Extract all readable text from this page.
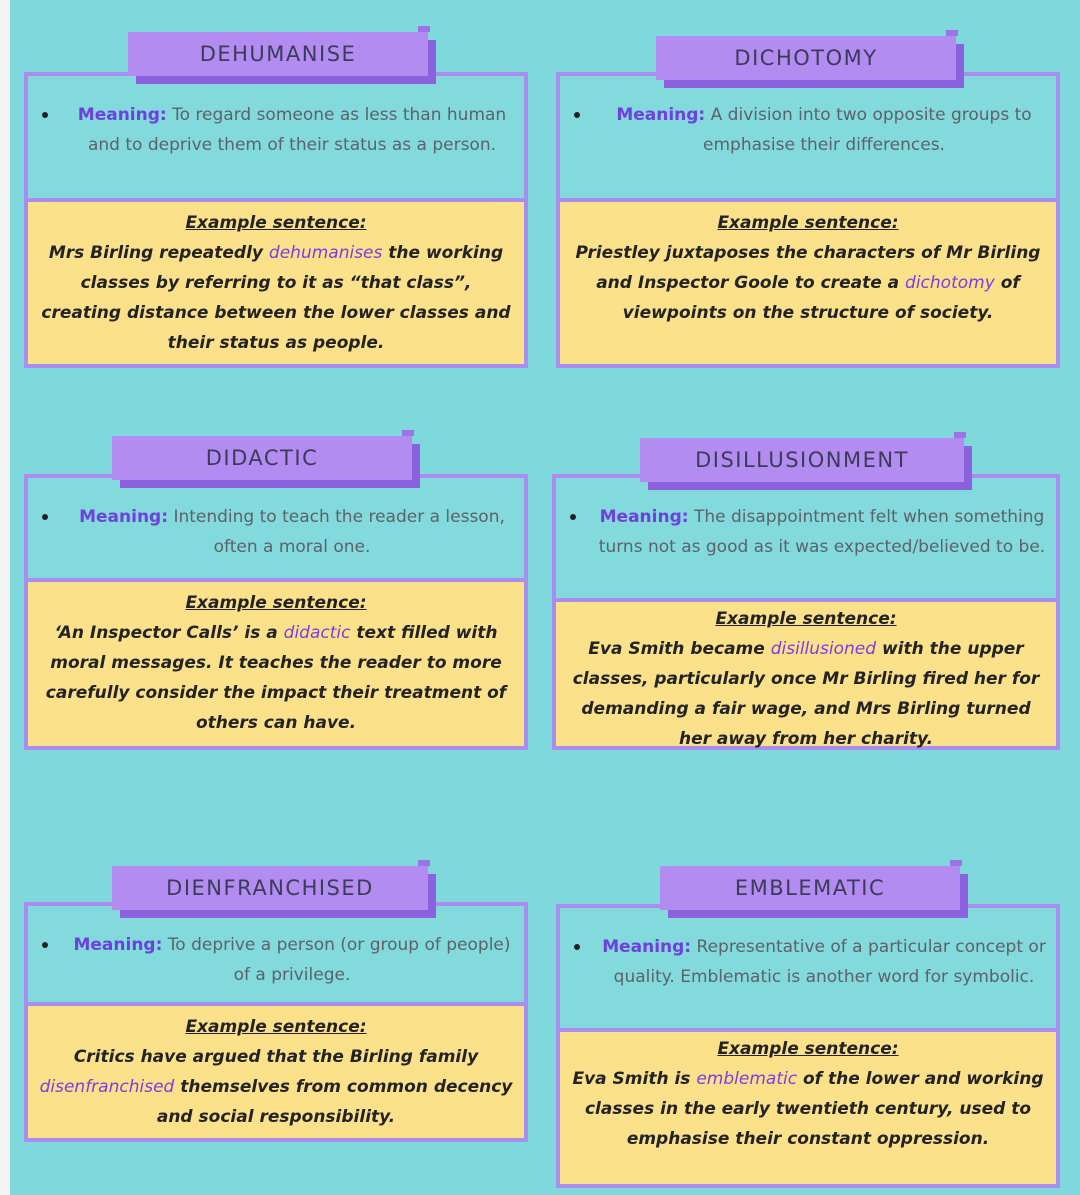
DEHUMANISE
Meaning: To regard someone as less than human and to deprive them of their status as a person.
Example sentence:
Mrs Birling repeatedly dehumanises the working classes by referring to it as “that class”, creating distance between the lower classes and their status as people.
DICHOTOMY
Meaning: A division into two opposite groups to emphasise their differences.
Example sentence:
Priestley juxtaposes the characters of Mr Birling and Inspector Goole to create a dichotomy of viewpoints on the structure of society.
DIDACTIC
Meaning: Intending to teach the reader a lesson, often a moral one.
Example sentence:
‘An Inspector Calls’ is a didactic text filled with moral messages. It teaches the reader to more carefully consider the impact their treatment of others can have.
DISILLUSIONMENT
Meaning: The disappointment felt when something turns not as good as it was expected/believed to be.
Example sentence:
Eva Smith became disillusioned with the upper classes, particularly once Mr Birling fired her for demanding a fair wage, and Mrs Birling turned her away from her charity.
DIENFRANCHISED
Meaning: To deprive a person (or group of people) of a privilege.
Example sentence:
Critics have argued that the Birling family disenfranchised themselves from common decency and social responsibility.
EMBLEMATIC
Meaning: Representative of a particular concept or quality. Emblematic is another word for symbolic.
Example sentence:
Eva Smith is emblematic of the lower and working classes in the early twentieth century, used to emphasise their constant oppression.
